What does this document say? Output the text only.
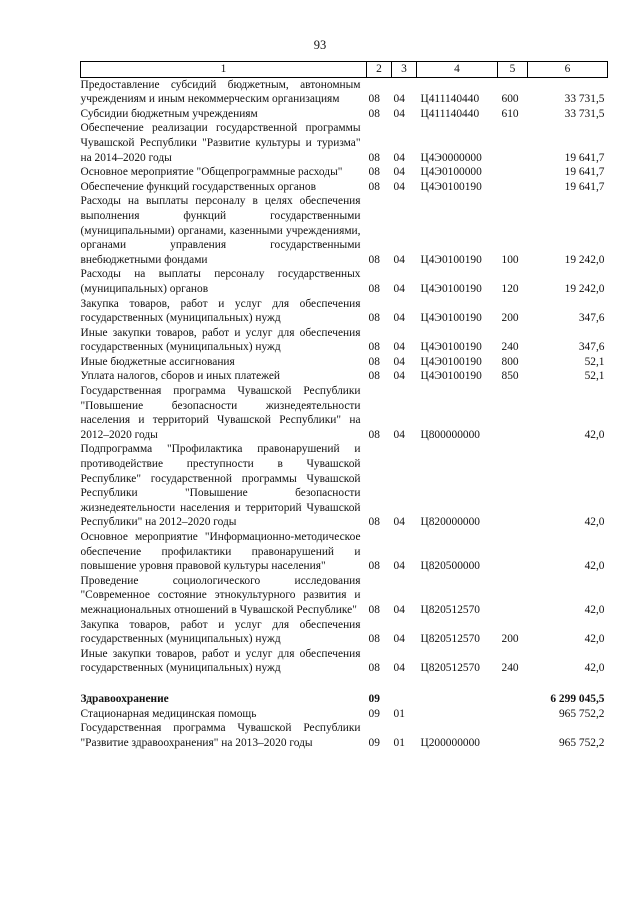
93
1	2	3	4	5	6
Предоставление субсидий бюджетным, автономным учреждениям и иным некоммерческим организациям	08	04	Ц411140440	600	33 731,5
Субсидии бюджетным учреждениям	08	04	Ц411140440	610	33 731,5
Обеспечение реализации государственной программы Чувашской Республики "Развитие культуры и туризма" на 2014–2020 годы	08	04	Ц4Э0000000		19 641,7
Основное мероприятие "Общепрограммные расходы"	08	04	Ц4Э0100000		19 641,7
Обеспечение функций государственных органов	08	04	Ц4Э0100190		19 641,7
Расходы на выплаты персоналу в целях обеспечения выполнения функций государственными (муниципальными) органами, казенными учреждениями, органами управления государственными внебюджетными фондами	08	04	Ц4Э0100190	100	19 242,0
Расходы на выплаты персоналу государственных (муниципальных) органов	08	04	Ц4Э0100190	120	19 242,0
Закупка товаров, работ и услуг для обеспечения государственных (муниципальных) нужд	08	04	Ц4Э0100190	200	347,6
Иные закупки товаров, работ и услуг для обеспечения государственных (муниципальных) нужд	08	04	Ц4Э0100190	240	347,6
Иные бюджетные ассигнования	08	04	Ц4Э0100190	800	52,1
Уплата налогов, сборов и иных платежей	08	04	Ц4Э0100190	850	52,1
Государственная программа Чувашской Республики "Повышение безопасности жизнедеятельности населения и территорий Чувашской Республики" на 2012–2020 годы	08	04	Ц800000000		42,0
Подпрограмма "Профилактика правонарушений и противодействие преступности в Чувашской Республике" государственной программы Чувашской Республики "Повышение безопасности жизнедеятельности населения и территорий Чувашской Республики" на 2012–2020 годы	08	04	Ц820000000		42,0
Основное мероприятие "Информационно-методическое обеспечение профилактики правонарушений и повышение уровня правовой культуры населения"	08	04	Ц820500000		42,0
Проведение социологического исследования "Современное состояние этнокультурного развития и межнациональных отношений в Чувашской Республике"	08	04	Ц820512570		42,0
Закупка товаров, работ и услуг для обеспечения государственных (муниципальных) нужд	08	04	Ц820512570	200	42,0
Иные закупки товаров, работ и услуг для обеспечения государственных (муниципальных) нужд	08	04	Ц820512570	240	42,0

Здравоохранение	09				6 299 045,5
Стационарная медицинская помощь	09	01			965 752,2
Государственная программа Чувашской Республики "Развитие здравоохранения" на 2013–2020 годы	09	01	Ц200000000		965 752,2
